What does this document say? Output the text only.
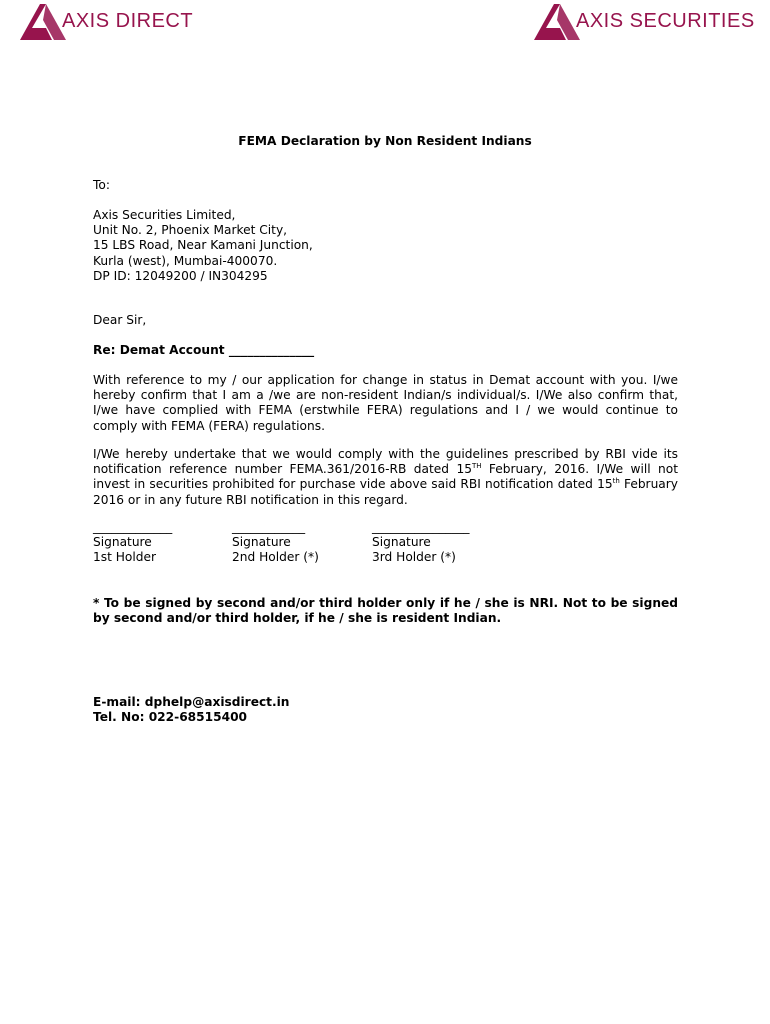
AXIS DIRECT	AXIS SECURITIES
FEMA Declaration by Non Resident Indians
To:
Axis Securities Limited,
Unit No. 2, Phoenix Market City,
15 LBS Road, Near Kamani Junction,
Kurla (west), Mumbai-400070.
DP ID: 12049200 / IN304295
Dear Sir,
Re: Demat Account ______________
With reference to my / our application for change in status in Demat account with you. I/we hereby confirm that I am a /we are non-resident Indian/s individual/s. I/We also confirm that, I/we have complied with FEMA (erstwhile FERA) regulations and I / we would continue to comply with FEMA (FERA) regulations.
I/We hereby undertake that we would comply with the guidelines prescribed by RBI vide its notification reference number FEMA.361/2016-RB dated 15TH February, 2016. I/We will not invest in securities prohibited for purchase vide above said RBI notification dated 15th February 2016 or in any future RBI notification in this regard.
_____________
Signature
1st Holder
____________
Signature
2nd Holder (*)
________________
Signature
3rd Holder (*)
* To be signed by second and/or third holder only if he / she is NRI. Not to be signed by second and/or third holder, if he / she is resident Indian.
E-mail: dphelp@axisdirect.in
Tel. No: 022-68515400
